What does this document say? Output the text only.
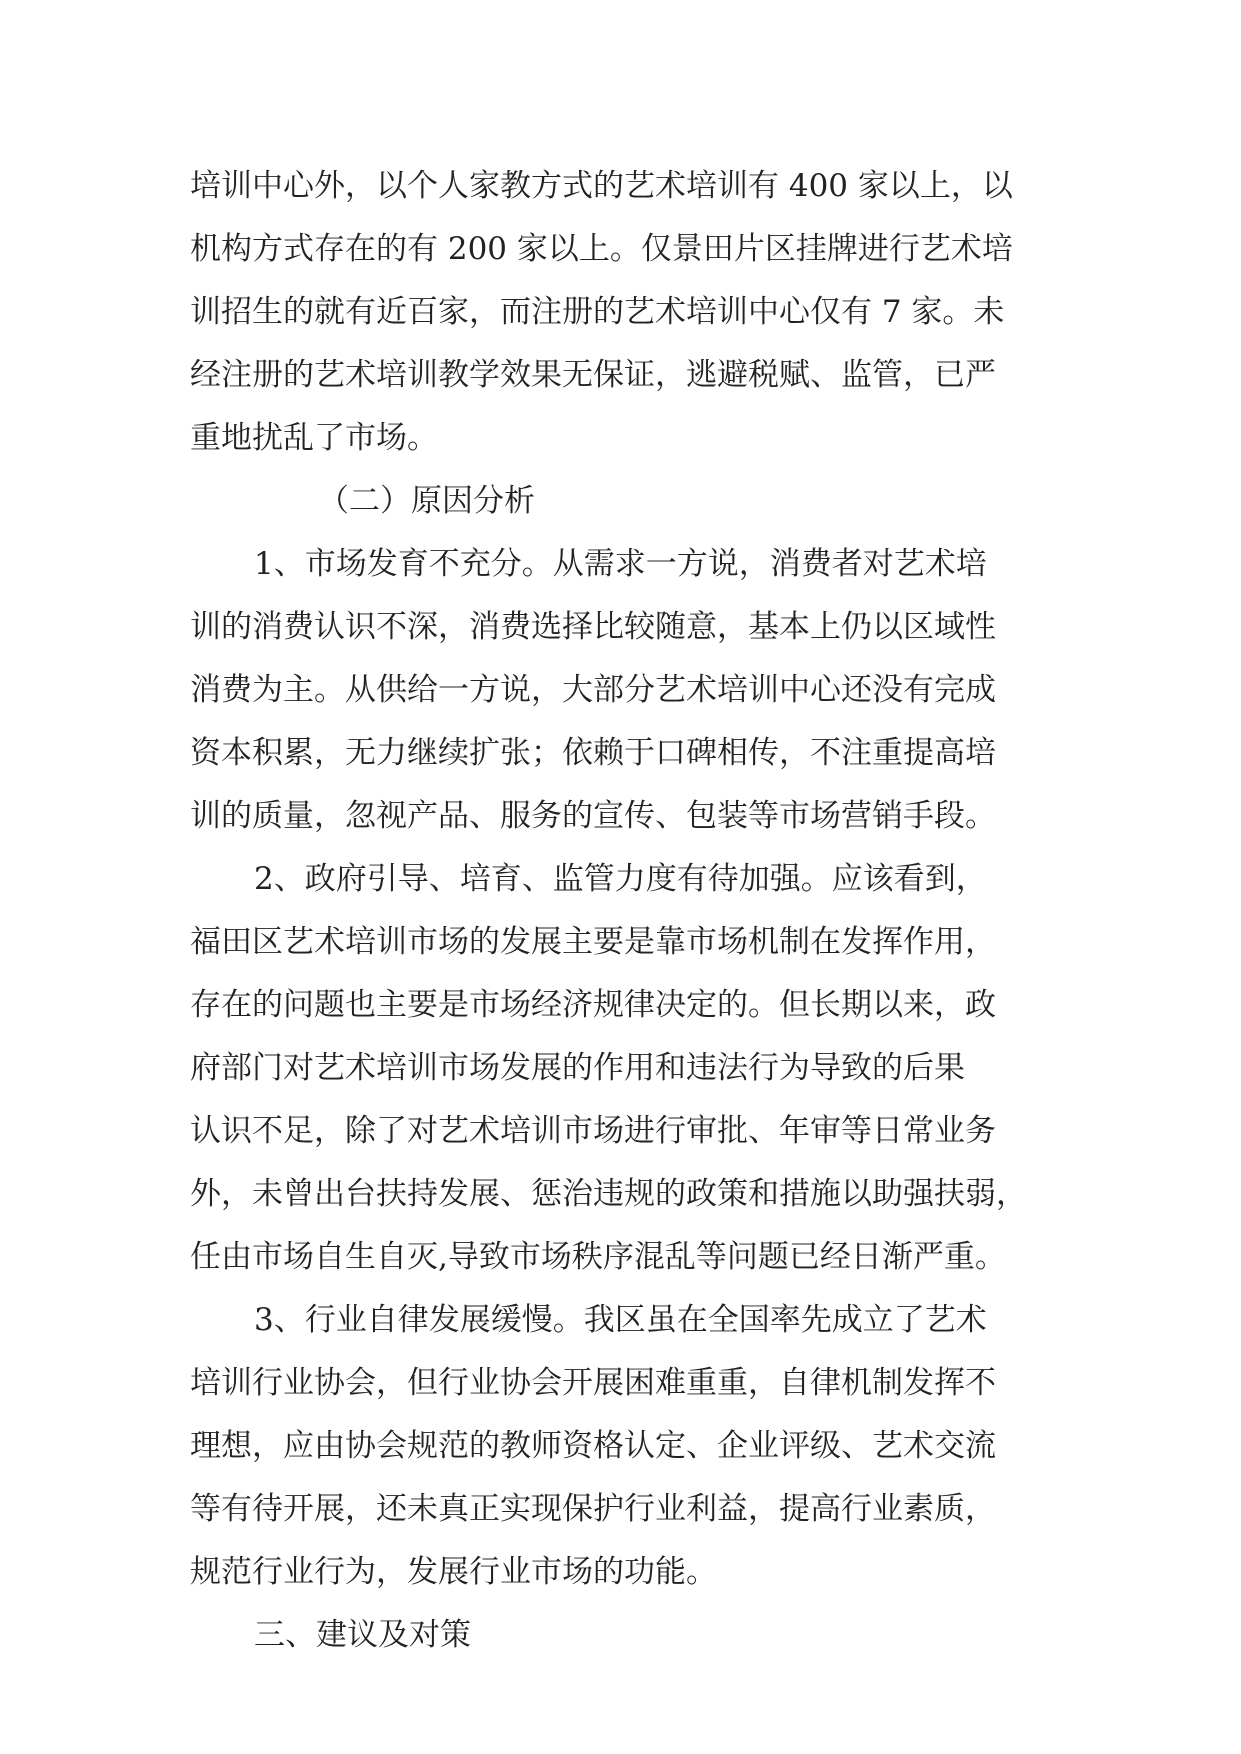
培训中心外，以个人家教方式的艺术培训有 400 家以上，以
机构方式存在的有 200 家以上。仅景田片区挂牌进行艺术培
训招生的就有近百家，而注册的艺术培训中心仅有 7 家。未
经注册的艺术培训教学效果无保证，逃避税赋、监管，已严
重地扰乱了市场。
（二）原因分析
1、市场发育不充分。从需求一方说，消费者对艺术培
训的消费认识不深，消费选择比较随意，基本上仍以区域性
消费为主。从供给一方说，大部分艺术培训中心还没有完成
资本积累，无力继续扩张；依赖于口碑相传，不注重提高培
训的质量，忽视产品、服务的宣传、包装等市场营销手段。
2、政府引导、培育、监管力度有待加强。应该看到，
福田区艺术培训市场的发展主要是靠市场机制在发挥作用，
存在的问题也主要是市场经济规律决定的。但长期以来，政
府部门对艺术培训市场发展的作用和违法行为导致的后果
认识不足，除了对艺术培训市场进行审批、年审等日常业务
外，未曾出台扶持发展、惩治违规的政策和措施以助强扶弱，
任由市场自生自灭,导致市场秩序混乱等问题已经日渐严重。
3、行业自律发展缓慢。我区虽在全国率先成立了艺术
培训行业协会，但行业协会开展困难重重，自律机制发挥不
理想，应由协会规范的教师资格认定、企业评级、艺术交流
等有待开展，还未真正实现保护行业利益，提高行业素质，
规范行业行为，发展行业市场的功能。
三、建议及对策
